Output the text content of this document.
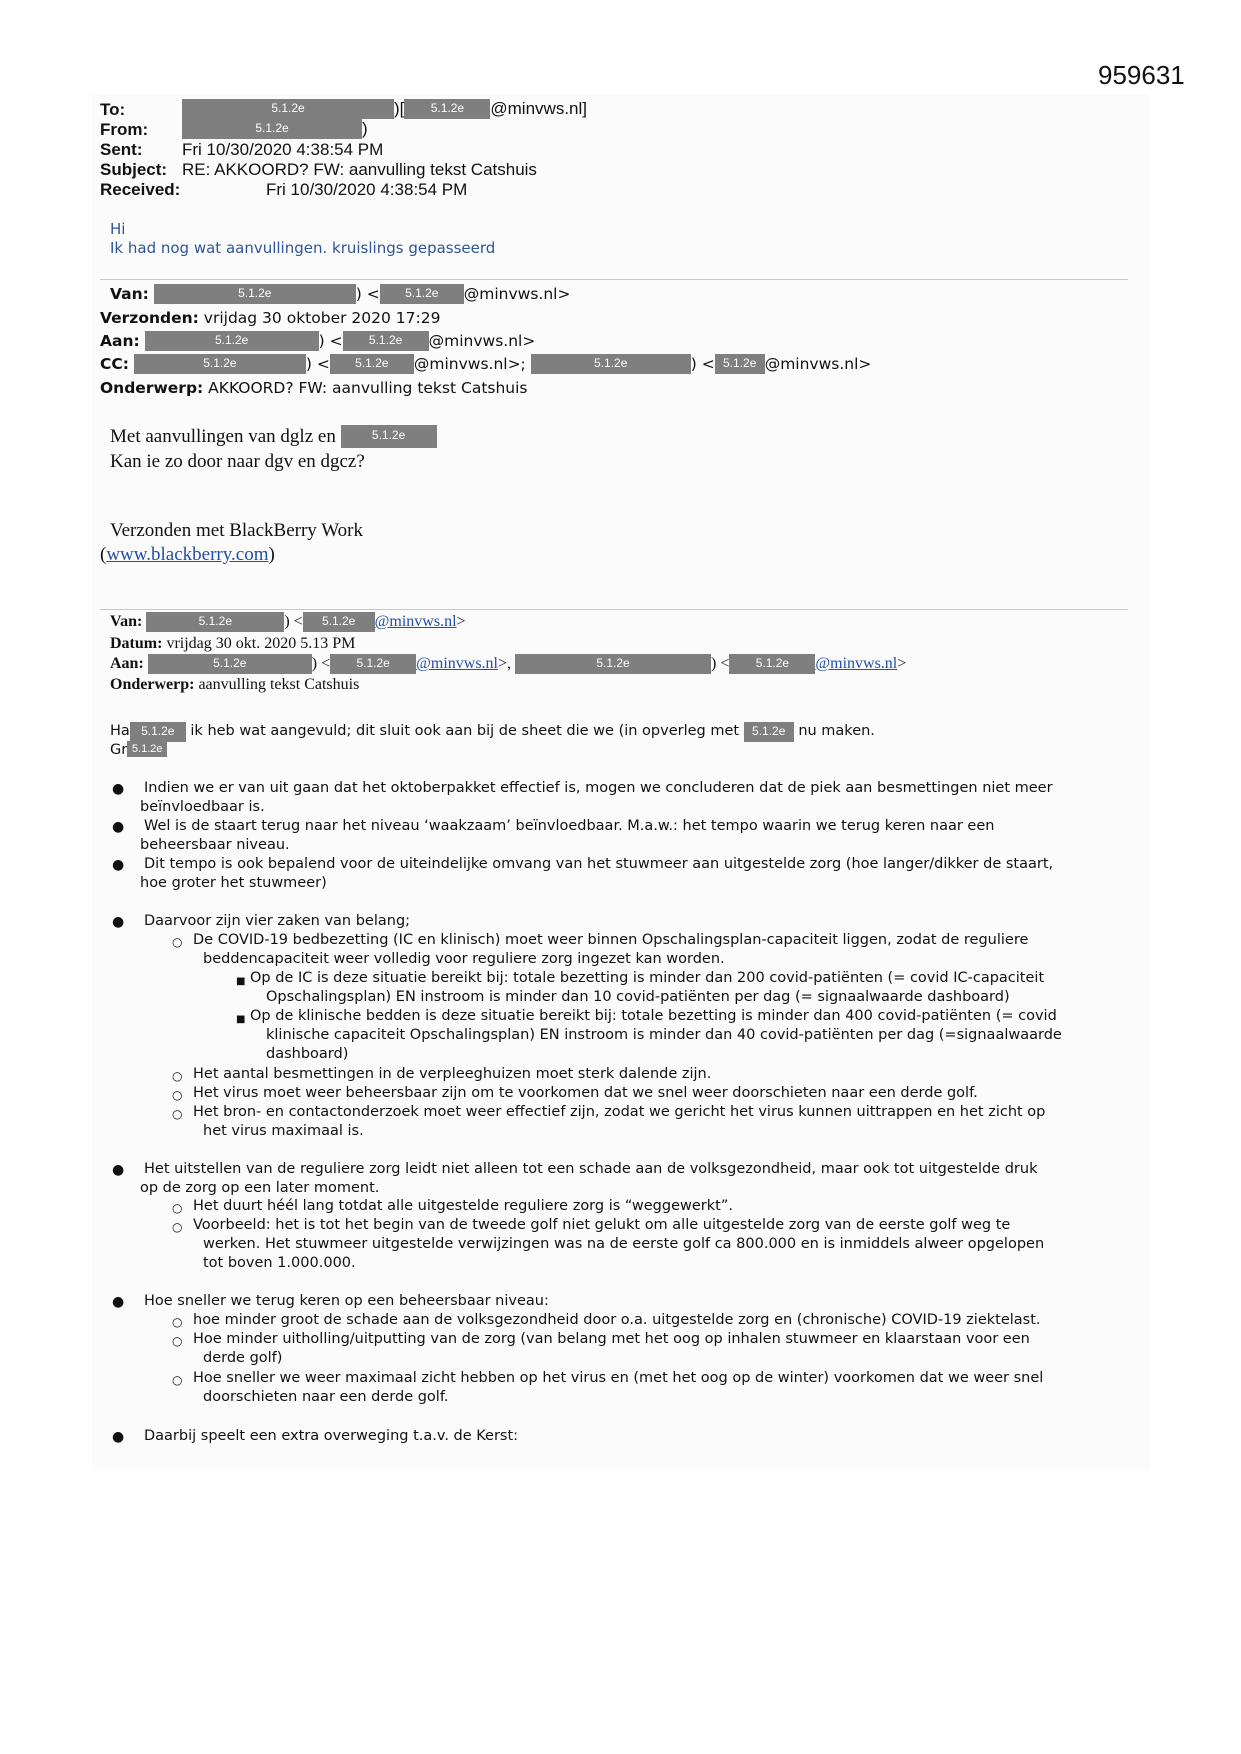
959631
To:	5.1.2e	)[ 5.1.2e @minvws.nl]
From:	5.1.2e	)
Sent: Fri 10/30/2020 4:38:54 PM
Subject: RE: AKKOORD? FW: aanvulling tekst Catshuis
Received:	Fri 10/30/2020 4:38:54 PM
Hi
Ik had nog wat aanvullingen. kruislings gepasseerd
Van:	5.1.2e	) < 5.1.2e @minvws.nl>
Verzonden: vrijdag 30 oktober 2020 17:29
Aan:	5.1.2e	) < 5.1.2e @minvws.nl>
CC:	5.1.2e	) < 5.1.2e @minvws.nl>;	5.1.2e	) < 5.1.2e @minvws.nl>
Onderwerp: AKKOORD? FW: aanvulling tekst Catshuis
Met aanvullingen van dglz en	5.1.2e
Kan ie zo door naar dgv en dgcz?
Verzonden met BlackBerry Work
(www.blackberry.com)
Van:	5.1.2e	) < 5.1.2e @minvws.nl>
Datum: vrijdag 30 okt. 2020 5.13 PM
Aan:	5.1.2e	) < 5.1.2e @minvws.nl>,	5.1.2e	) < 5.1.2e @minvws.nl>
Onderwerp: aanvulling tekst Catshuis
Ha 5.1.2e ik heb wat aangevuld; dit sluit ook aan bij de sheet die we (in opverleg met 5.1.2e nu maken.
Gr 5.1.2e
● Indien we er van uit gaan dat het oktoberpakket effectief is, mogen we concluderen dat de piek aan besmettingen niet meer
beïnvloedbaar is.
● Wel is de staart terug naar het niveau ‘waakzaam’ beïnvloedbaar. M.a.w.: het tempo waarin we terug keren naar een
beheersbaar niveau.
● Dit tempo is ook bepalend voor de uiteindelijke omvang van het stuwmeer aan uitgestelde zorg (hoe langer/dikker de staart,
hoe groter het stuwmeer)
● Daarvoor zijn vier zaken van belang;
○ De COVID-19 bedbezetting (IC en klinisch) moet weer binnen Opschalingsplan-capaciteit liggen, zodat de reguliere
beddencapaciteit weer volledig voor reguliere zorg ingezet kan worden.
■ Op de IC is deze situatie bereikt bij: totale bezetting is minder dan 200 covid-patiënten (= covid IC-capaciteit
Opschalingsplan) EN instroom is minder dan 10 covid-patiënten per dag (= signaalwaarde dashboard)
■ Op de klinische bedden is deze situatie bereikt bij: totale bezetting is minder dan 400 covid-patiënten (= covid
klinische capaciteit Opschalingsplan) EN instroom is minder dan 40 covid-patiënten per dag (=signaalwaarde
dashboard)
○ Het aantal besmettingen in de verpleeghuizen moet sterk dalende zijn.
○ Het virus moet weer beheersbaar zijn om te voorkomen dat we snel weer doorschieten naar een derde golf.
○ Het bron- en contactonderzoek moet weer effectief zijn, zodat we gericht het virus kunnen uittrappen en het zicht op
het virus maximaal is.
● Het uitstellen van de reguliere zorg leidt niet alleen tot een schade aan de volksgezondheid, maar ook tot uitgestelde druk
op de zorg op een later moment.
○ Het duurt héél lang totdat alle uitgestelde reguliere zorg is “weggewerkt”.
○ Voorbeeld: het is tot het begin van de tweede golf niet gelukt om alle uitgestelde zorg van de eerste golf weg te
werken. Het stuwmeer uitgestelde verwijzingen was na de eerste golf ca 800.000 en is inmiddels alweer opgelopen
tot boven 1.000.000.
● Hoe sneller we terug keren op een beheersbaar niveau:
○ hoe minder groot de schade aan de volksgezondheid door o.a. uitgestelde zorg en (chronische) COVID-19 ziektelast.
○ Hoe minder uitholling/uitputting van de zorg (van belang met het oog op inhalen stuwmeer en klaarstaan voor een
derde golf)
○ Hoe sneller we weer maximaal zicht hebben op het virus en (met het oog op de winter) voorkomen dat we weer snel
doorschieten naar een derde golf.
● Daarbij speelt een extra overweging t.a.v. de Kerst:
